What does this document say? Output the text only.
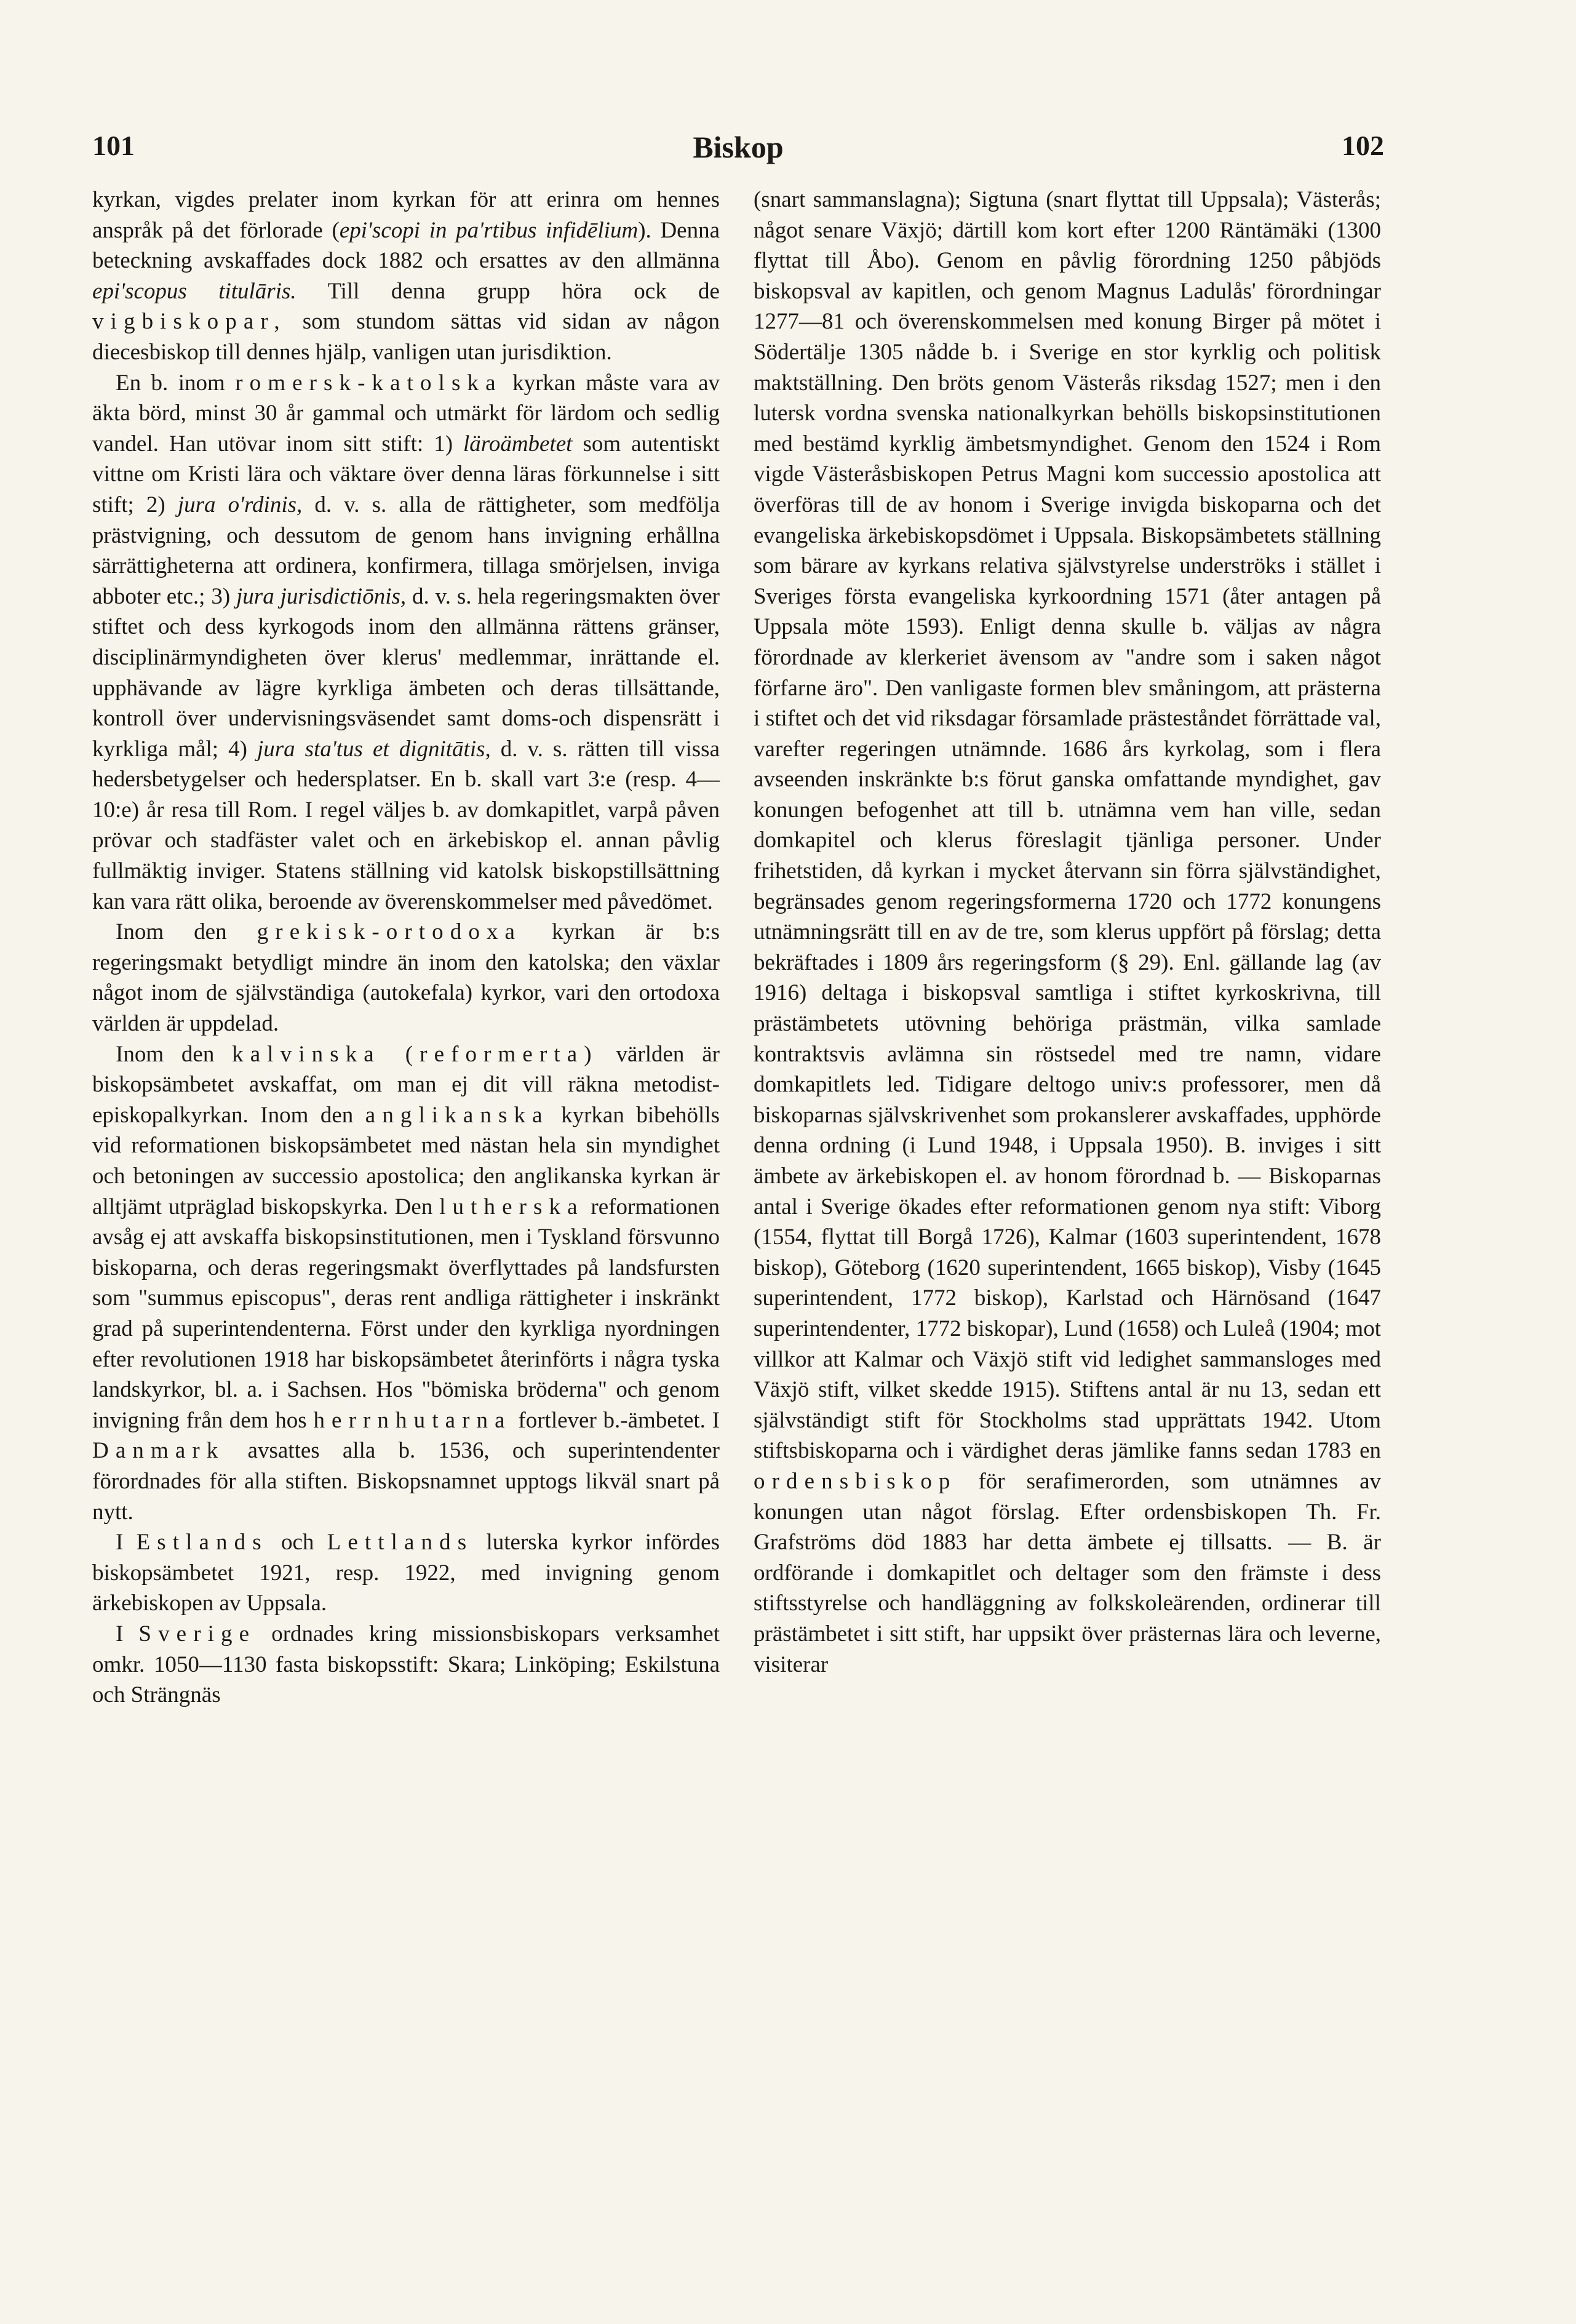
101	Biskop	102

kyrkan, vigdes prelater inom kyrkan för att erinra om hennes anspråk på det förlorade (epi'scopi in pa'rtibus infidēlium). Denna beteckning avskaffades dock 1882 och ersattes av den allmänna epi'scopus titulāris. Till denna grupp höra ock de vigbiskopar, som stundom sättas vid sidan av någon diecesbiskop till dennes hjälp, vanligen utan jurisdiktion.

En b. inom romersk-katolska kyrkan måste vara av äkta börd, minst 30 år gammal och utmärkt för lärdom och sedlig vandel. Han utövar inom sitt stift: 1) läroämbetet som autentiskt vittne om Kristi lära och väktare över denna läras förkunnelse i sitt stift; 2) jura o'rdinis, d. v. s. alla de rättigheter, som medfölja prästvigning, och dessutom de genom hans invigning erhållna särrättigheterna att ordinera, konfirmera, tillaga smörjelsen, inviga abboter etc.; 3) jura jurisdictiōnis, d. v. s. hela regeringsmakten över stiftet och dess kyrkogods inom den allmänna rättens gränser, disciplinärmyndigheten över klerus' medlemmar, inrättande el. upphävande av lägre kyrkliga ämbeten och deras tillsättande, kontroll över undervisningsväsendet samt doms-och dispensrätt i kyrkliga mål; 4) jura sta'tus et dignitātis, d. v. s. rätten till vissa hedersbetygelser och hedersplatser. En b. skall vart 3:e (resp. 4—10:e) år resa till Rom. I regel väljes b. av domkapitlet, varpå påven prövar och stadfäster valet och en ärkebiskop el. annan påvlig fullmäktig inviger. Statens ställning vid katolsk biskopstillsättning kan vara rätt olika, beroende av överenskommelser med påvedömet.

Inom den grekisk-ortodoxa kyrkan är b:s regeringsmakt betydligt mindre än inom den katolska; den växlar något inom de självständiga (autokefala) kyrkor, vari den ortodoxa världen är uppdelad.

Inom den kalvinska (reformerta) världen är biskopsämbetet avskaffat, om man ej dit vill räkna metodist-episkopalkyrkan. Inom den anglikanska kyrkan bibehölls vid reformationen biskopsämbetet med nästan hela sin myndighet och betoningen av successio apostolica; den anglikanska kyrkan är alltjämt utpräglad biskopskyrka. Den lutherska reformationen avsåg ej att avskaffa biskopsinstitutionen, men i Tyskland försvunno biskoparna, och deras regeringsmakt överflyttades på landsfursten som "summus episcopus", deras rent andliga rättigheter i inskränkt grad på superintendenterna. Först under den kyrkliga nyordningen efter revolutionen 1918 har biskopsämbetet återinförts i några tyska landskyrkor, bl. a. i Sachsen. Hos "bömiska bröderna" och genom invigning från dem hos herrnhutarna fortlever b.-ämbetet. I Danmark avsattes alla b. 1536, och superintendenter förordnades för alla stiften. Biskopsnamnet upptogs likväl snart på nytt.

I Estlands och Lettlands luterska kyrkor infördes biskopsämbetet 1921, resp. 1922, med invigning genom ärkebiskopen av Uppsala.

I Sverige ordnades kring missionsbiskopars verksamhet omkr. 1050—1130 fasta biskopsstift: Skara; Linköping; Eskilstuna och Strängnäs

(snart sammanslagna); Sigtuna (snart flyttat till Uppsala); Västerås; något senare Växjö; därtill kom kort efter 1200 Räntämäki (1300 flyttat till Åbo). Genom en påvlig förordning 1250 påbjöds biskopsval av kapitlen, och genom Magnus Ladulås' förordningar 1277—81 och överenskommelsen med konung Birger på mötet i Södertälje 1305 nådde b. i Sverige en stor kyrklig och politisk maktställning. Den bröts genom Västerås riksdag 1527; men i den lutersk vordna svenska nationalkyrkan behölls biskopsinstitutionen med bestämd kyrklig ämbetsmyndighet. Genom den 1524 i Rom vigde Västeråsbiskopen Petrus Magni kom successio apostolica att överföras till de av honom i Sverige invigda biskoparna och det evangeliska ärkebiskopsdömet i Uppsala. Biskopsämbetets ställning som bärare av kyrkans relativa självstyrelse underströks i stället i Sveriges första evangeliska kyrkoordning 1571 (åter antagen på Uppsala möte 1593). Enligt denna skulle b. väljas av några förordnade av klerkeriet ävensom av "andre som i saken något förfarne äro". Den vanligaste formen blev småningom, att prästerna i stiftet och det vid riksdagar församlade prästeståndet förrättade val, varefter regeringen utnämnde. 1686 års kyrkolag, som i flera avseenden inskränkte b:s förut ganska omfattande myndighet, gav konungen befogenhet att till b. utnämna vem han ville, sedan domkapitel och klerus föreslagit tjänliga personer. Under frihetstiden, då kyrkan i mycket återvann sin förra självständighet, begränsades genom regeringsformerna 1720 och 1772 konungens utnämningsrätt till en av de tre, som klerus uppfört på förslag; detta bekräftades i 1809 års regeringsform (§ 29). Enl. gällande lag (av 1916) deltaga i biskopsval samtliga i stiftet kyrkoskrivna, till prästämbetets utövning behöriga prästmän, vilka samlade kontraktsvis avlämna sin röstsedel med tre namn, vidare domkapitlets led. Tidigare deltogo univ:s professorer, men då biskoparnas självskrivenhet som prokanslerer avskaffades, upphörde denna ordning (i Lund 1948, i Uppsala 1950). B. inviges i sitt ämbete av ärkebiskopen el. av honom förordnad b. — Biskoparnas antal i Sverige ökades efter reformationen genom nya stift: Viborg (1554, flyttat till Borgå 1726), Kalmar (1603 superintendent, 1678 biskop), Göteborg (1620 superintendent, 1665 biskop), Visby (1645 superintendent, 1772 biskop), Karlstad och Härnösand (1647 superintendenter, 1772 biskopar), Lund (1658) och Luleå (1904; mot villkor att Kalmar och Växjö stift vid ledighet sammansloges med Växjö stift, vilket skedde 1915). Stiftens antal är nu 13, sedan ett självständigt stift för Stockholms stad upprättats 1942. Utom stiftsbiskoparna och i värdighet deras jämlike fanns sedan 1783 en ordensbiskop för serafimerorden, som utnämnes av konungen utan något förslag. Efter ordensbiskopen Th. Fr. Grafströms död 1883 har detta ämbete ej tillsatts. — B. är ordförande i domkapitlet och deltager som den främste i dess stiftsstyrelse och handläggning av folkskoleärenden, ordinerar till prästämbetet i sitt stift, har uppsikt över prästernas lära och leverne, visiterar
